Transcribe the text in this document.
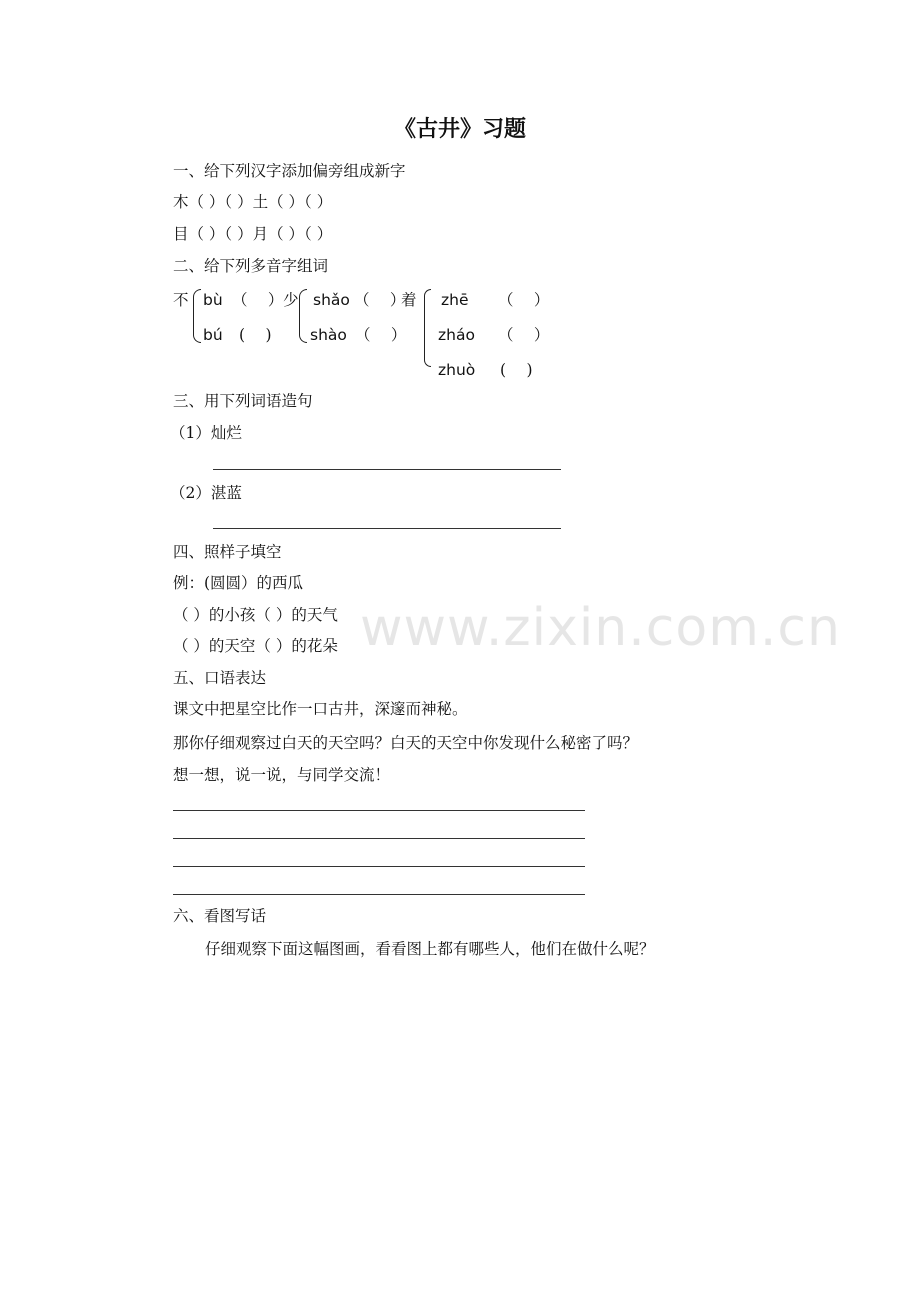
www.zixin.com.cn
《古井》习题
一、给下列汉字添加偏旁组成新字
木（ ）（ ）土（ ）（ ）
目（ ）（ ）月（ ）（ ）
二、给下列多音字组词
不 bù （　 ）
bú (　 )
少 shǎo （　 ）
shào （　 ）
着 zhē （　 ）
zháo （　 ）
zhuò (　 )
三、用下列词语造句
（1）灿烂
（2）湛蓝
四、照样子填空
例：(圆圆）的西瓜
（ ）的小孩（ ）的天气
（ ）的天空（ ）的花朵
五、口语表达
课文中把星空比作一口古井，深邃而神秘。
那你仔细观察过白天的天空吗？白天的天空中你发现什么秘密了吗？
想一想，说一说，与同学交流！
六、看图写话
仔细观察下面这幅图画，看看图上都有哪些人，他们在做什么呢？
